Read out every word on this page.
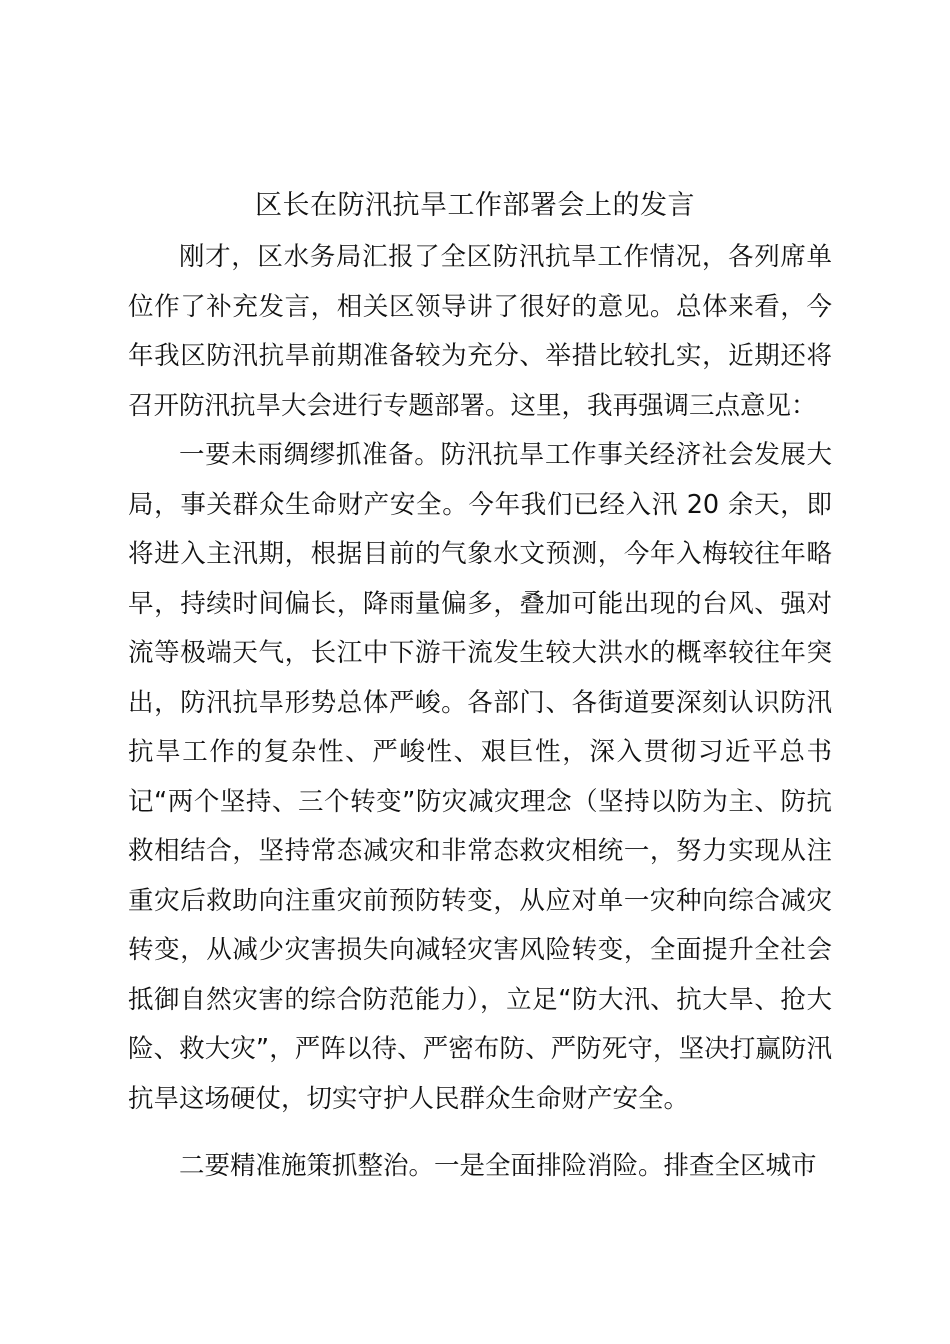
区长在防汛抗旱工作部署会上的发言

刚才，区水务局汇报了全区防汛抗旱工作情况，各列席单位作了补充发言，相关区领导讲了很好的意见。总体来看，今年我区防汛抗旱前期准备较为充分、举措比较扎实，近期还将召开防汛抗旱大会进行专题部署。这里，我再强调三点意见：

一要未雨绸缪抓准备。防汛抗旱工作事关经济社会发展大局，事关群众生命财产安全。今年我们已经入汛 20 余天，即将进入主汛期，根据目前的气象水文预测，今年入梅较往年略早，持续时间偏长，降雨量偏多，叠加可能出现的台风、强对流等极端天气，长江中下游干流发生较大洪水的概率较往年突出，防汛抗旱形势总体严峻。各部门、各街道要深刻认识防汛抗旱工作的复杂性、严峻性、艰巨性，深入贯彻习近平总书记“两个坚持、三个转变”防灾减灾理念（坚持以防为主、防抗救相结合，坚持常态减灾和非常态救灾相统一，努力实现从注重灾后救助向注重灾前预防转变，从应对单一灾种向综合减灾转变，从减少灾害损失向减轻灾害风险转变，全面提升全社会抵御自然灾害的综合防范能力），立足“防大汛、抗大旱、抢大险、救大灾”，严阵以待、严密布防、严防死守，坚决打赢防汛抗旱这场硬仗，切实守护人民群众生命财产安全。

二要精准施策抓整治。一是全面排险消险。排查全区城市
